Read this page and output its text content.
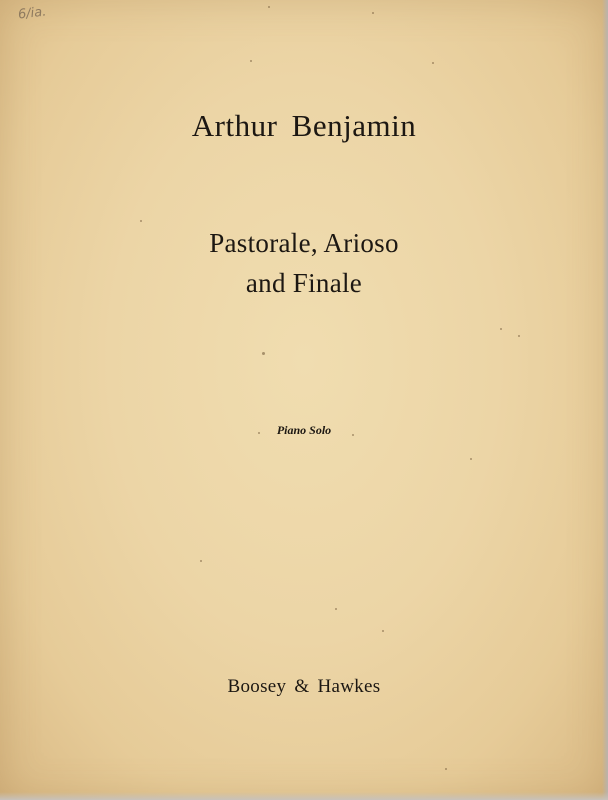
6/ia.
Arthur Benjamin
Pastorale, Arioso
and Finale
Piano Solo
Boosey & Hawkes
